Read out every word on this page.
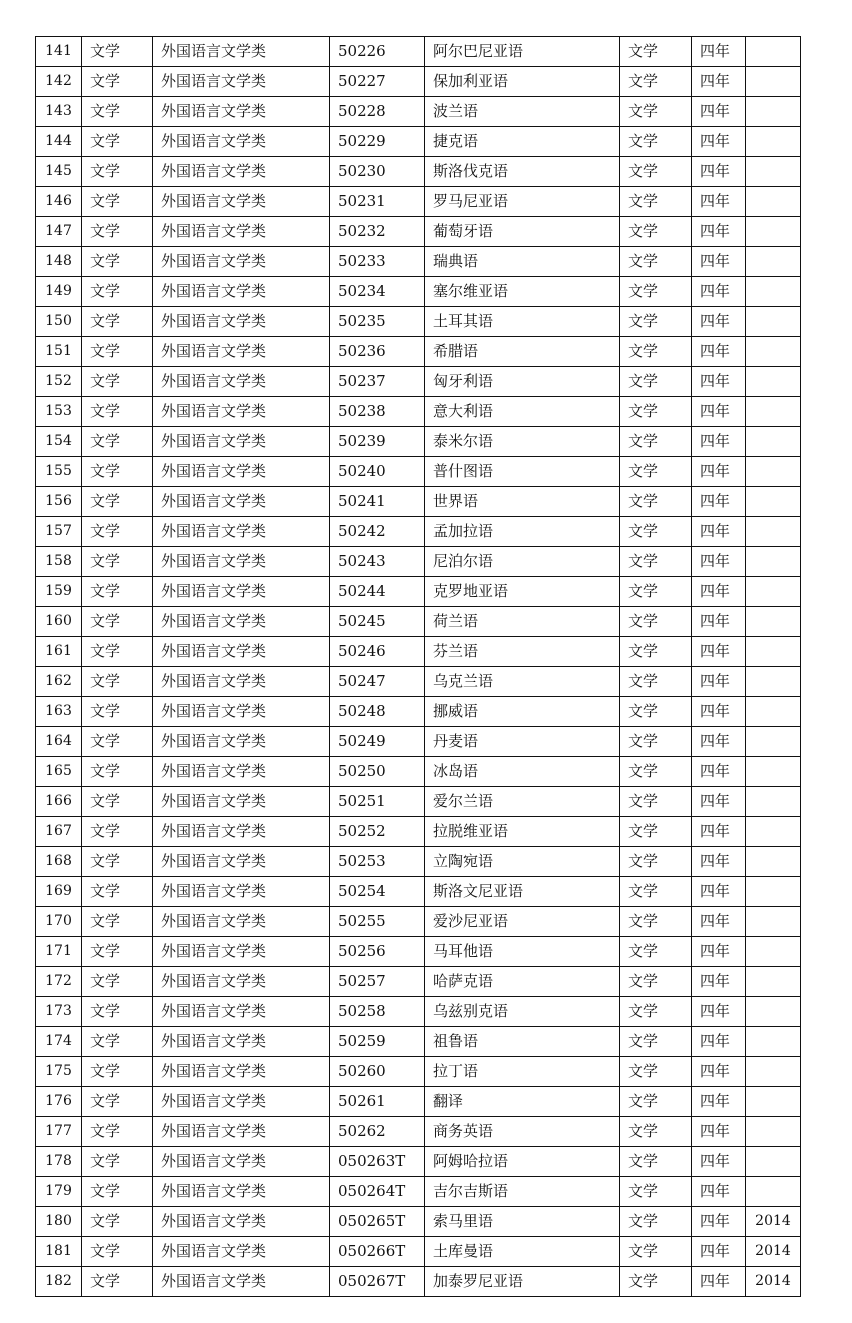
141	文学	外国语言文学类	50226	阿尔巴尼亚语	文学	四年	
142	文学	外国语言文学类	50227	保加利亚语	文学	四年	
143	文学	外国语言文学类	50228	波兰语	文学	四年	
144	文学	外国语言文学类	50229	捷克语	文学	四年	
145	文学	外国语言文学类	50230	斯洛伐克语	文学	四年	
146	文学	外国语言文学类	50231	罗马尼亚语	文学	四年	
147	文学	外国语言文学类	50232	葡萄牙语	文学	四年	
148	文学	外国语言文学类	50233	瑞典语	文学	四年	
149	文学	外国语言文学类	50234	塞尔维亚语	文学	四年	
150	文学	外国语言文学类	50235	土耳其语	文学	四年	
151	文学	外国语言文学类	50236	希腊语	文学	四年	
152	文学	外国语言文学类	50237	匈牙利语	文学	四年	
153	文学	外国语言文学类	50238	意大利语	文学	四年	
154	文学	外国语言文学类	50239	泰米尔语	文学	四年	
155	文学	外国语言文学类	50240	普什图语	文学	四年	
156	文学	外国语言文学类	50241	世界语	文学	四年	
157	文学	外国语言文学类	50242	孟加拉语	文学	四年	
158	文学	外国语言文学类	50243	尼泊尔语	文学	四年	
159	文学	外国语言文学类	50244	克罗地亚语	文学	四年	
160	文学	外国语言文学类	50245	荷兰语	文学	四年	
161	文学	外国语言文学类	50246	芬兰语	文学	四年	
162	文学	外国语言文学类	50247	乌克兰语	文学	四年	
163	文学	外国语言文学类	50248	挪威语	文学	四年	
164	文学	外国语言文学类	50249	丹麦语	文学	四年	
165	文学	外国语言文学类	50250	冰岛语	文学	四年	
166	文学	外国语言文学类	50251	爱尔兰语	文学	四年	
167	文学	外国语言文学类	50252	拉脱维亚语	文学	四年	
168	文学	外国语言文学类	50253	立陶宛语	文学	四年	
169	文学	外国语言文学类	50254	斯洛文尼亚语	文学	四年	
170	文学	外国语言文学类	50255	爱沙尼亚语	文学	四年	
171	文学	外国语言文学类	50256	马耳他语	文学	四年	
172	文学	外国语言文学类	50257	哈萨克语	文学	四年	
173	文学	外国语言文学类	50258	乌兹别克语	文学	四年	
174	文学	外国语言文学类	50259	祖鲁语	文学	四年	
175	文学	外国语言文学类	50260	拉丁语	文学	四年	
176	文学	外国语言文学类	50261	翻译	文学	四年	
177	文学	外国语言文学类	50262	商务英语	文学	四年	
178	文学	外国语言文学类	050263T	阿姆哈拉语	文学	四年	
179	文学	外国语言文学类	050264T	吉尔吉斯语	文学	四年	
180	文学	外国语言文学类	050265T	索马里语	文学	四年	2014
181	文学	外国语言文学类	050266T	土库曼语	文学	四年	2014
182	文学	外国语言文学类	050267T	加泰罗尼亚语	文学	四年	2014
